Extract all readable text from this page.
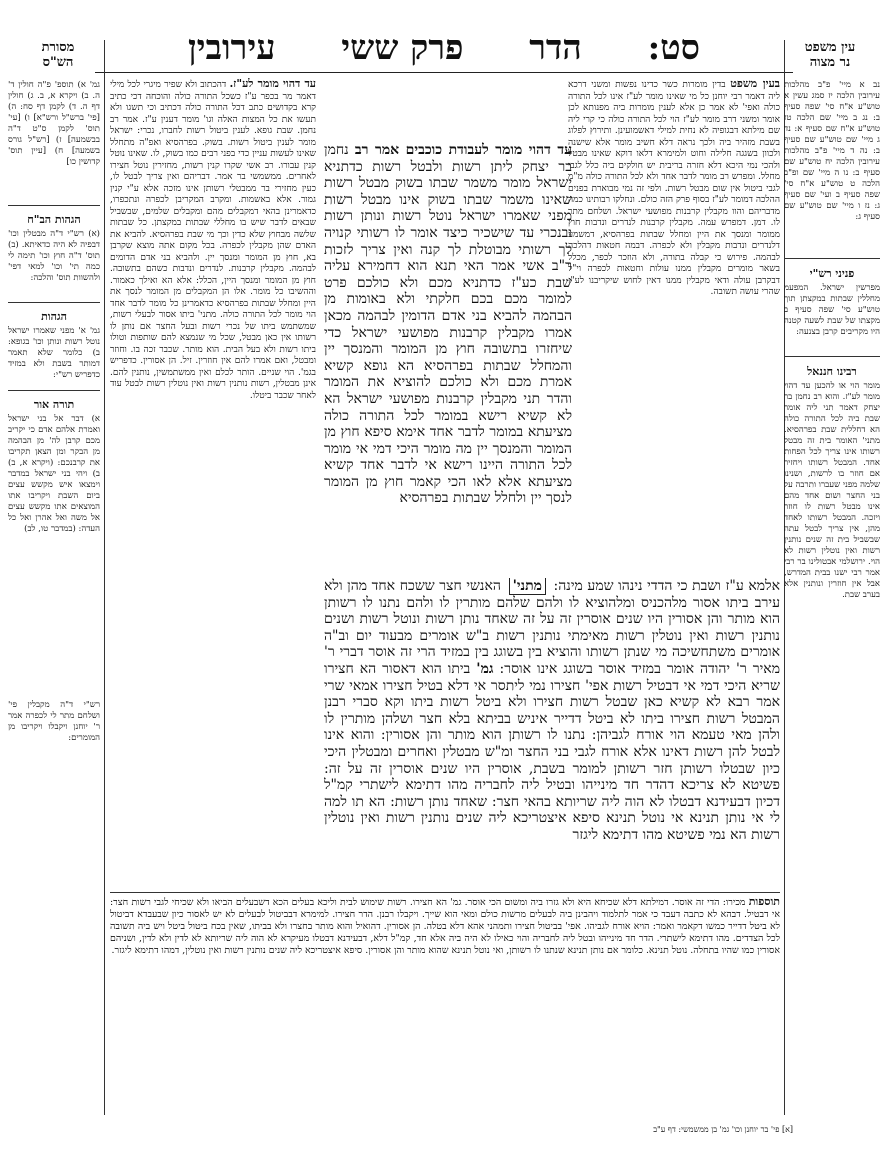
עין משפט
נר מצוה
מסורת
הש"ס	סט:
הדר
פרק ששי
עירובין
נב א מיי' פ"ב מהלכות עירובין הלכה יז סמג עשין א טוש"ע א"ח סי' שפה סעיף ב: נג ב מיי' שם הלכה טז טוש"ע א"ח שם סעיף א: נד ג מיי' שם טוש"ע שם סעיף ב: נה ד מיי' פ"ב מהלכות עירובין הלכה יח טוש"ע שם סעיף ב: נו ה מיי' שם ופ"ב הלכה ט טוש"ע א"ח סי' שפה סעיף ב ועי' שם סעיף ג: נז ו מיי' שם טוש"ע שם סעיף ג:
פניני רש"י
מפרשין ישראל. המפעמ מחללין שבתות במקצתן תוך טוש"ע סי' שפה סעיף ב מקצתו של שבת לשעה קטנה היו מקריבים קרבן בצנעה:
רבינו חננאל
מומר הוי או להכען עד דהוי מומר לע"ז. והוא רב נחמן בר יצחק דאמר תני ליה אומר שבת ביה לכל התורה כולה הא דחללית שבת בפרהסיא. מתני' האומר בית זה מבטל רשותו אינו צריך לכל הפחות אחד. המבטל רשותו ויחזיר אם חוזר בו לרשות, ושנינו שלמה מפני שעברו ותרבה על בני החצר ושום אחד מהם אינו מבטל רשות לו חוזר ויזכה. המבטל רשותו לאחד מהן, אין צריך לבטל עתה שבשביל בית זה שנים נותנין רשות ואין נוטלין רשות לא הוי. ירושלמי אבטולינו בר רבי אמר רבי ישנו בבית המדרש, אבל אין חוזרין ונותנין אלא בערב שבת.
גמ' א) תוספ' פ"ה חולין ד' ה. ב) ויקרא א, ב. ג) חולין דף ה. ד) לקמן דף סח: ה) [פי' ברש"ל ורש"א] ו) [עי' תוס' לקמן ס"ט ד"ה בבשמעה] ז) [רש"ל גורס בשמעה] ח) [עיין תוס' קדושין כו]
הגהות הב"ח
(א) רש"י ד"ה מבטלין וכו' דבפיה לא היה כדאיתא. (ב) תוס' ד"ה חוץ וכו' תימה לי כמה תי' וכו' למאי דפי' ולהשוות תוס' והלכה:
הגהות
גמ' א' מפני שאמרו ישראל נוטל רשות ונותן וכו' בגופא: ב) כלומר שלא תאמר דמותר בשבת ולא במזיד כדפריש רש"י:
תורה אור
א) דבר אל בני ישראל ואמרת אלהם אדם כי יקריב מכם קרבן לה' מן הבהמה מן הבקר ומן הצאן תקריבו את קרבנכם: (ויקרא א, ב) ב) ויהי בני ישראל במדבר וימצאו איש מקשש עצים ביום השבת ויקריבו אתו המוצאים אתו מקשש עצים אל משה ואל אהרן ואל כל העדה: (במדבר טו, לב)
רש"י ד"ה מקבלין פי' ושלחם מתר לי לכפרה אמר ר' יוחנן ויקבלו ויקריבו מן המומרים:
בעין משפט בדין מומרות כשר כדינו נפשות ומשני דרכא ליה דאמר רבי יוחנן כל מי שאינו מומר לע"ז אינו לכל התורה כולה ואפי' לא אמר כן אלא לענין מומרות ביה מפנותא לכן אומר ומשני דרב מומר לע"ז הוי לכל התורה כולה כי קרי ליה שם מילתא דבגופיה לא נחית למילי דאשמועינן. ותירוץ לפלוג בשבת מזהיר ביה ולכך נראה דלא חשיב מומר אלא שישנה ולכוון בשגגה חלילה וחוט ולמימרא דלאו דוקא שאינו מבטל ולהכי נמי היכא דלא חזרה בריבית יש חולקים ביה כלל לגבי מחלל. ומפרש רב מומר לדבר אחד ולא לכל התורה כולה מ"מ לגבי ביטול אין שום מבטל רשות. ולפי זה נמי מבוארת בפנים ההלכה דמומר לע"ז בסוף פרק הזה כולם. ונחלקו רבותינו כמה מדבריהם והוו מקבלין קרבנות מפושעי ישראל. ושלחם מתר לו. דמן. דמפרש עמה. מקבלין קרבנות לנדרים ונדבות חוץ ממומר ומנסך את היין ומחלל שבתות בפרהסיא, דמשמע דלנדרים ונדבות מקבלין ולא לכפרה. דבמה חטאות דהלכה לבהמה. פירוש כי קבלה בתורה, ולא הוזכר לכפר, מכלל בשאר מומרים מקבלין ממנו עולות וחטאות לכפרה וי"ל דבקרבן עולה ודאי מקבלין ממנו דאין לחוש שיקריבנו לע"ז שהרי עושה תשובה.
עד דהוי מומר לע"ז. דהכתוב ולא שפיר מיגרי לכל מילי דאמר מר בכפר ע"ז כשכל התורה כולה והוכחה דכי כתיב קרא בקדושים כתב דכל התורה כולה דכתיב וכי תשגו ולא תעשו את כל המצות האלה וגו' מומר דענין ע"ז. אמר רב נחמן. שבת גופא. לענין ביטול רשות לחברו, נכרי: ישראל מומר לענין ביטול רשות. בשוק. בפרהסיא ואפ"ה מתחלל שאינו לעשות עניין כדי בפני רבים כמו בשוק, לו. שאינו נוטל קנין עבורו. רב אשי שקרו קנין רשות, מחזירין נוטל חצירו לאחרים. ממשמשי בר אמר. דבריהם ואין צריך לבטל לו, כעין מחזירי בר ממבטלי רשותן אינו מזכה אלא ע"י קנין גמור. אלא באשמות. ומקרב המקריבן לכפרה ונתכפרו, כדאמרינן בהאי דמקבלים מהם ומקבלים שלמים, שבשביל שבאים לדבר שיש בו מחללי שבתות במקצתן. כל שבתות שלשה מבחוץ שלא כדין וכך מי שבת בפרהסיא. להביא את האדם שהן מקבלין לכפרה. בכל מקום אתה מוצא שקרבן בא, חוץ מן המומר ומנסך יין. ולהביא בני אדם הדומים לבהמה. מקבלין קרבנות. לנדרים ונדבות כשהם בתשובה. חוץ מן המומר ומנסך היין, הכלל: אלא הא ואילך כאמור. וההשיבו כל מומר. אלו הן המקבלים מן המומר לנסך את היין ומחלל שבתות בפרהסיא כדאמרינן כל מומר לדבר אחד הוי מומר לכל התורה כולה. מתני' ביתו אסור לבעלי רשות, שמשתמש ביתו של נכרי רשות ובעל החצר אם נותן לו רשותו אין כאן מבטל, שכל מי שנמצא להם שותפות וטולו ביתו רשות ולא בעל הבית. הוא מותר. שכבר זכה בו. וחוזר ומבטל, ואם אמרו להם אין חוזרין. זיל. הן אסורין. כדפריש בגמ'. הוי שניים. הותר לכלם ואין ממשתמשין, נותנין להם. אינן מבטלין, רשות נותנין רשות ואין נוטלין רשות לבטל עוד לאחר שכבר ביטלו.
עד דהוי מומר לעבודת כוכבים אמר רב נחמן בר יצחק ליתן רשות ולבטל רשות כדתניא ישראל מומר משמר שבתו בשוק מבטל רשות שאינו משמר שבתו בשוק אינו מבטל רשות מפני שאמרו ישראל נוטל רשות ונותן רשות ובנכרי עד שישכיר כיצד אומר לו רשותי קנויה לך רשותי מבוטלת לך קנה ואין צריך לזכות ר"ב אשי אמר האי תנא הוא דחמירא עליה שבת כע"ז כדתניא מכם ולא כולכם פרט למומר מכם בכם חלקתי ולא באומות מן הבהמה להביא בני אדם הדומין לבהמה מכאן אמרו מקבלין קרבנות מפושעי ישראל כדי שיחזרו בתשובה חוץ מן המומר והמנסך יין והמחלל שבתות בפרהסיא הא גופא קשיא אמרת מכם ולא כולכם להוציא את המומר והדר תני מקבלין קרבנות מפושעי ישראל הא לא קשיא רישא במומר לכל התורה כולה מציעתא במומר לדבר אחד אימא סיפא חוץ מן המומר והמנסך יין מה מומר היכי דמי אי מומר לכל התורה היינו רישא אי לדבר אחד קשיא מציעתא אלא לאו הכי קאמר חוץ מן המומר לנסך יין ולחלל שבתות בפרהסיא
אלמא ע"ז ושבת כי הדדי נינהו שמע מינה: מתני' האנשי חצר ששכח אחד מהן ולא עירב ביתו אסור מלהכניס ומלהוציא לו ולהם שלהם מותרין לו ולהם נתנו לו רשותן הוא מותר והן אסורין היו שנים אוסרין זה על זה שאחד נותן רשות ונוטל רשות ושנים נותנין רשות ואין נוטלין רשות מאימתי נותנין רשות ב"ש אומרים מבעוד יום וב"ה אומרים משתחשיכה מי שנתן רשותו והוציא בין בשוגג בין במזיד הרי זה אוסר דברי ר' מאיר ר' יהודה אומר במזיד אוסר בשוגג אינו אוסר: גמ' ביתו הוא דאסור הא חצירו שריא היכי דמי אי דבטיל רשות אפי' חצירו נמי ליתסר אי דלא בטיל חצירו אמאי שרי אמר רבא לא קשיא כאן שבטל רשות חצירו ולא ביטל רשות ביתו וקא סברי רבנן המבטל רשות חצירו ביתו לא ביטל דדייר איניש בביתא בלא חצר ושלהן מותרין לו ולהן מאי טעמא הוי אורח לגביהן: נתנו לו רשותן הוא מותר והן אסורין: והוא אינו לבטל להן רשות דאינו אלא אורח לגבי בני החצר ומ"ש מבטלין ואחרים ומבטלין היכי כיון שבטלו רשותן חזר רשותן למומר בשבת, אוסרין היו שנים אוסרין זה על זה: פשיטא לא צריכא דהדר חד מינייהו ובטיל ליה לחבריה מהו דתימא לישתרי קמ"ל דכיון דבעידנא דבטלו לא הוה ליה שריותא בהאי חצר: שאחד נותן רשות: הא תו למה לי אי נותן תנינא אי נוטל תנינא סיפא איצטריכא ליה שנים נותנין רשות ואין נוטלין רשות הא נמי פשיטא מהו דתימא ליגזר
תוספות מכירו: הדי זה אוסר. דמילתא דלא שכיחא היא ולא גזרו ביה ומשום הכי אוסר. גמ' הא חצירו. רשות שימוש לבית וליכא בעלים הכא דשבעלים הביאו ולא שכיחי לגבי רשות חצר: אי דבטיל. דבהא לא כתבה דעבד כי אמר לתלמוד ויהבינן ביה לבעלים מרשות כולם ומאי הוא שייך. ויקבלו רבנן. הדר חצירו. למימרא דבביטול לבעלים לא יש לאסור כיון שבעבדא דביטול לא ביטל דדייר כמשו דקאמר ואמר: הויא אורח לגביהו. אפי' בביטול חצירו ותמהני אהא דלא בטלה. הן אסורין. דהואיל והוא מותר בחצרו ולא בביתו, שאין בכח ביטול ביטל ויש ביה תשובה לכל הצדדים. מהו דתימא לישתרי. הדר חד מינייהו ובטל ליה לחבריה והוי כאילו לא היה ביה אלא חד, קמ"ל דלא, דבעידנא דבטלו מעיקרא לא הוה ליה שריותא לא לדין ולא לדין, ושניהם אסורין כמו שהיו בתחלה. נוטל תנינא. כלומר אם נותן תנינא שנתנו לו רשותן, ואי נוטל תנינא שהוא מותר והן אסורין. סיפא איצטריכא ליה שנים נותנין רשות ואין נוטלין, דמהו דתימא ליגזר.
[א] פי' בר יוחנן וכו' גמ' בן ממשמשי: דף ע"ב
